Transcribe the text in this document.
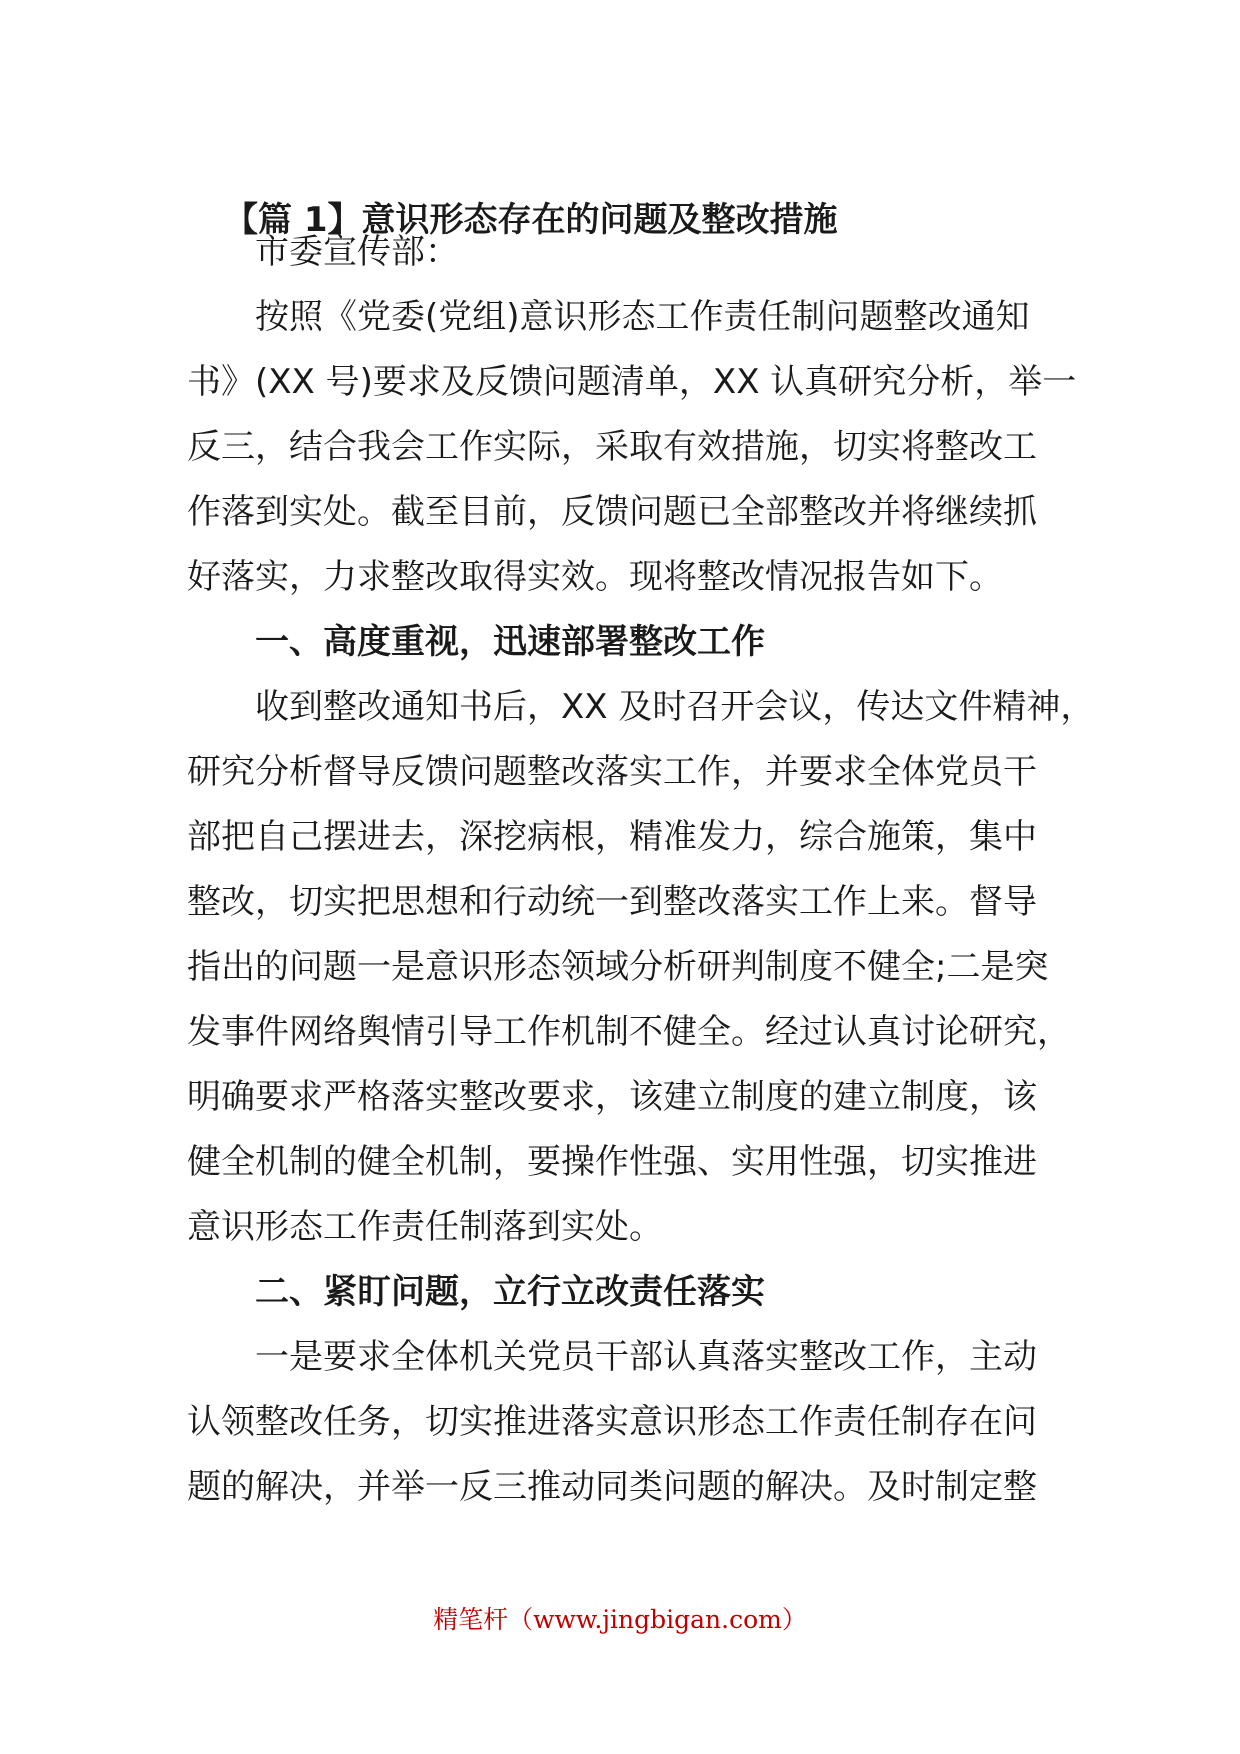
【篇 1】意识形态存在的问题及整改措施
市委宣传部：
按照《党委(党组)意识形态工作责任制问题整改通知
书》(XX 号)要求及反馈问题清单，XX 认真研究分析，举一
反三，结合我会工作实际，采取有效措施，切实将整改工
作落到实处。截至目前，反馈问题已全部整改并将继续抓
好落实，力求整改取得实效。现将整改情况报告如下。
一、高度重视，迅速部署整改工作
收到整改通知书后，XX 及时召开会议，传达文件精神，
研究分析督导反馈问题整改落实工作，并要求全体党员干
部把自己摆进去，深挖病根，精准发力，综合施策，集中
整改，切实把思想和行动统一到整改落实工作上来。督导
指出的问题一是意识形态领域分析研判制度不健全;二是突
发事件网络舆情引导工作机制不健全。经过认真讨论研究，
明确要求严格落实整改要求，该建立制度的建立制度，该
健全机制的健全机制，要操作性强、实用性强，切实推进
意识形态工作责任制落到实处。
二、紧盯问题，立行立改责任落实
一是要求全体机关党员干部认真落实整改工作，主动
认领整改任务，切实推进落实意识形态工作责任制存在问
题的解决，并举一反三推动同类问题的解决。及时制定整
精笔杆（www.jingbigan.com）
